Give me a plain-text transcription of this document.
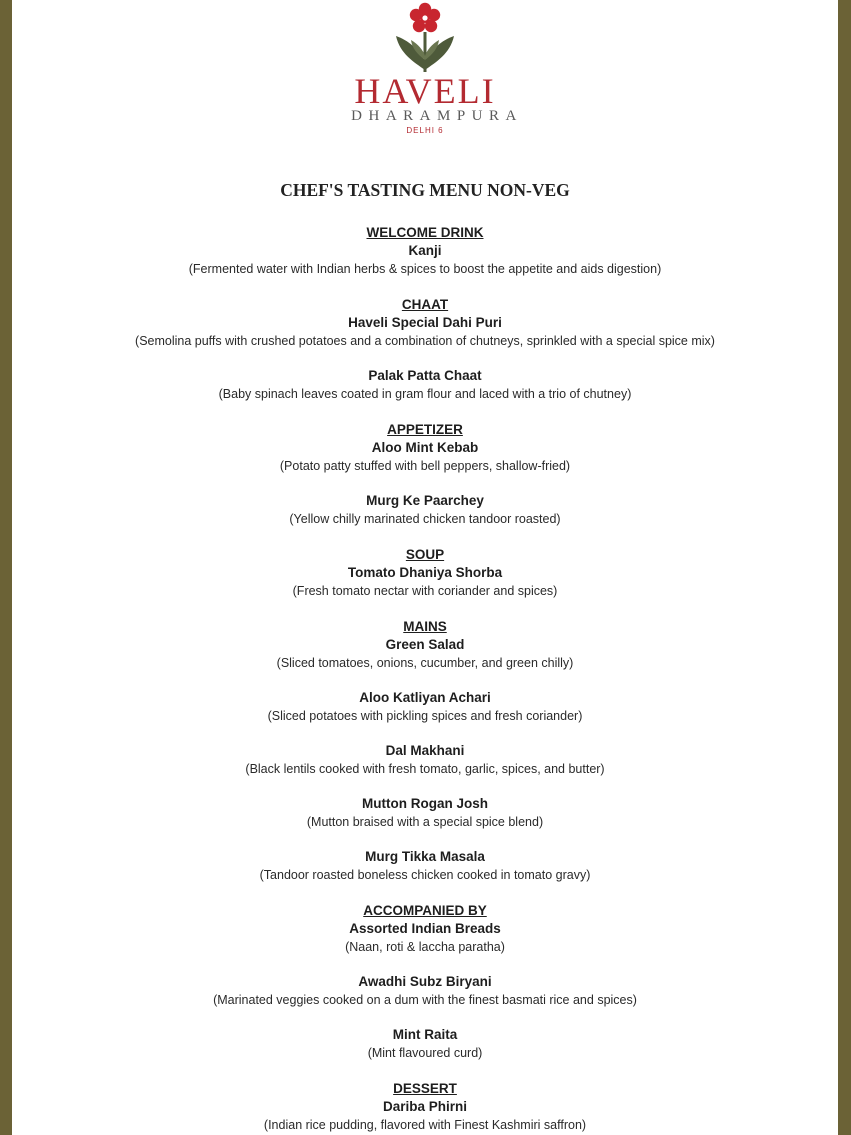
HAVELI
DHARAMPURA
DELHI 6
CHEF'S TASTING MENU NON-VEG
WELCOME DRINK
Kanji
(Fermented water with Indian herbs & spices to boost the appetite and aids digestion)
CHAAT
Haveli Special Dahi Puri
(Semolina puffs with crushed potatoes and a combination of chutneys, sprinkled with a special spice mix)
Palak Patta Chaat
(Baby spinach leaves coated in gram flour and laced with a trio of chutney)
APPETIZER
Aloo Mint Kebab
(Potato patty stuffed with bell peppers, shallow-fried)
Murg Ke Paarchey
(Yellow chilly marinated chicken tandoor roasted)
SOUP
Tomato Dhaniya Shorba
(Fresh tomato nectar with coriander and spices)
MAINS
Green Salad
(Sliced tomatoes, onions, cucumber, and green chilly)
Aloo Katliyan Achari
(Sliced potatoes with pickling spices and fresh coriander)
Dal Makhani
(Black lentils cooked with fresh tomato, garlic, spices, and butter)
Mutton Rogan Josh
(Mutton braised with a special spice blend)
Murg Tikka Masala
(Tandoor roasted boneless chicken cooked in tomato gravy)
ACCOMPANIED BY
Assorted Indian Breads
(Naan, roti & laccha paratha)
Awadhi Subz Biryani
(Marinated veggies cooked on a dum with the finest basmati rice and spices)
Mint Raita
(Mint flavoured curd)
DESSERT
Dariba Phirni
(Indian rice pudding, flavored with Finest Kashmiri saffron)
